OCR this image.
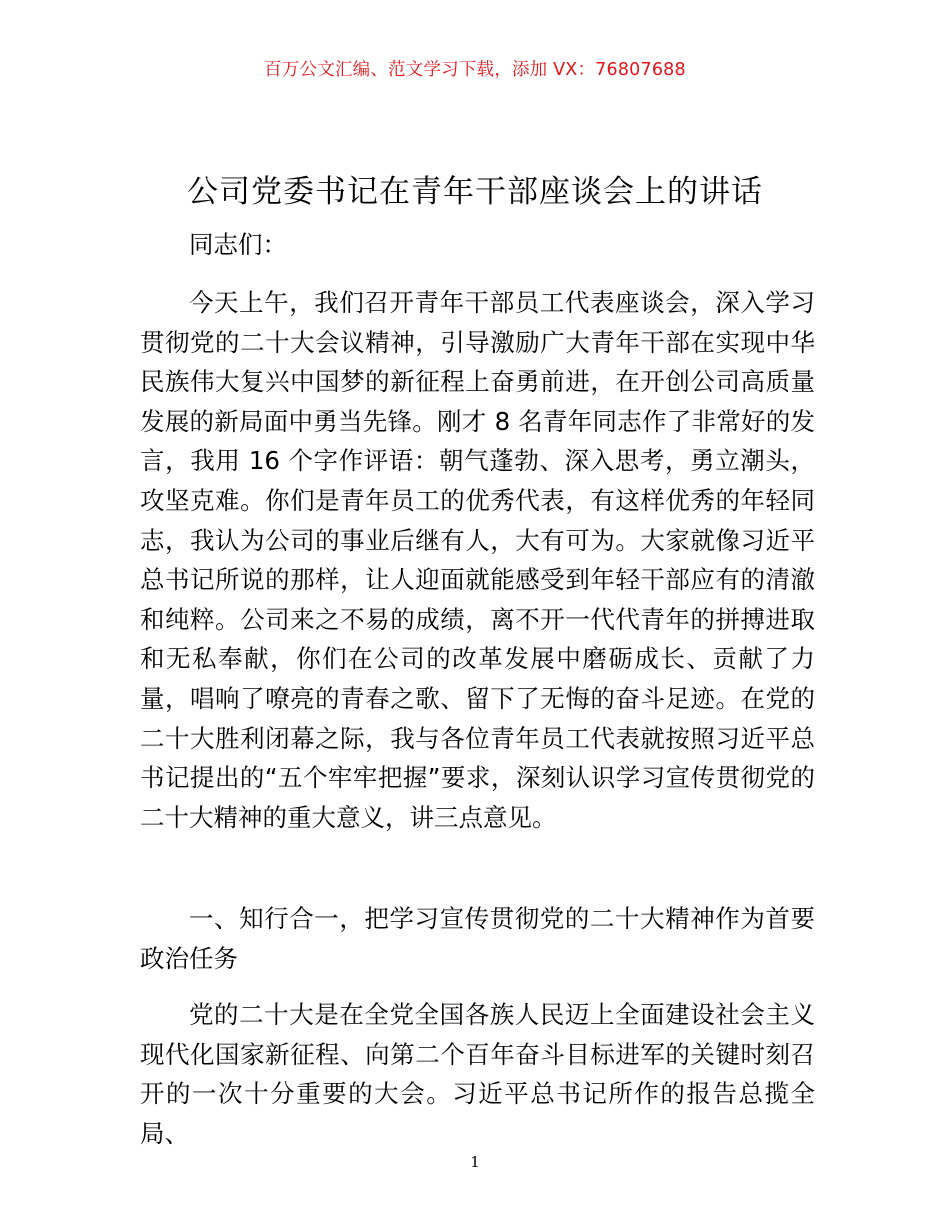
百万公文汇编、范文学习下载，添加 VX：76807688
公司党委书记在青年干部座谈会上的讲话

同志们：

今天上午，我们召开青年干部员工代表座谈会，深入学习贯彻党的二十大会议精神，引导激励广大青年干部在实现中华民族伟大复兴中国梦的新征程上奋勇前进，在开创公司高质量发展的新局面中勇当先锋。刚才 8 名青年同志作了非常好的发言，我用 16 个字作评语：朝气蓬勃、深入思考，勇立潮头，攻坚克难。你们是青年员工的优秀代表，有这样优秀的年轻同志，我认为公司的事业后继有人，大有可为。大家就像习近平总书记所说的那样，让人迎面就能感受到年轻干部应有的清澈和纯粹。公司来之不易的成绩，离不开一代代青年的拼搏进取和无私奉献，你们在公司的改革发展中磨砺成长、贡献了力量，唱响了嘹亮的青春之歌、留下了无悔的奋斗足迹。在党的二十大胜利闭幕之际，我与各位青年员工代表就按照习近平总书记提出的“五个牢牢把握”要求，深刻认识学习宣传贯彻党的二十大精神的重大意义，讲三点意见。

一、知行合一，把学习宣传贯彻党的二十大精神作为首要政治任务

党的二十大是在全党全国各族人民迈上全面建设社会主义现代化国家新征程、向第二个百年奋斗目标进军的关键时刻召开的一次十分重要的大会。习近平总书记所作的报告总揽全局、

1
